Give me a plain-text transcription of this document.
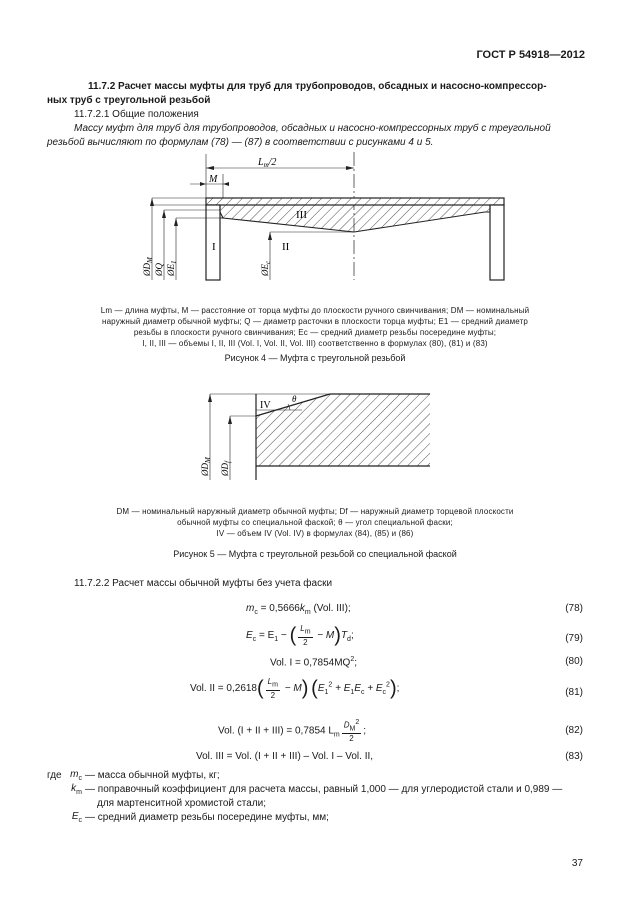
ГОСТ Р 54918—2012
11.7.2 Расчет массы муфты для труб для трубопроводов, обсадных и насосно-компрессор-
ных труб с треугольной резьбой
11.7.2.1 Общие положения
Массу муфт для труб для трубопроводов, обсадных и насосно-компрессорных труб с треугольной
резьбой вычисляют по формулам (78) — (87) в соответствии с рисунками 4 и 5.
$L_m/2$
M
I	II
III
$ØD_M$
ØQ $ØE_1$
$ØE_c$
Lm — длина муфты, M — расстояние от торца муфты до плоскости ручного свинчивания; DM — номинальный
наружный диаметр обычной муфты; Q — диаметр расточки в плоскости торца муфты; E1 — средний диаметр
резьбы в плоскости ручного свинчивания; Ec — средний диаметр резьбы посередине муфты;
I, II, III — объемы I, II, III (Vol. I, Vol. II, Vol. III) соответственно в формулах (80), (81) и (83)
Рисунок 4 — Муфта с треугольной резьбой
IV
θ
$ØD_M$
$ØD_f$
DM — номинальный наружный диаметр обычной муфты; Df — наружный диаметр торцевой плоскости
обычной муфты со специальной фаской; θ — угол специальной фаски;
IV — объем IV (Vol. IV) в формулах (84), (85) и (86)
Рисунок 5 — Муфта с треугольной резьбой со специальной фаской
11.7.2.2 Расчет массы обычной муфты без учета фаски
$m_c = 0,5666k_m$ (Vol. III);	(78)
$E_c = E_1$ − ( $\frac{L_m}{2} - M)T_d$;	(79)
Vol. $I = 0,7854MQ^2$;	(80)
Vol. II = $0,2618( \frac{L_m}{2} - M)$ $(E_1^2 + E_1E_c + E_c^2)$;	(81)
Vol. (I + II + III) = 0,7854 $L_m \frac{D_M^2}{2}$ ;	(82)
Vol. III = Vol. (I + II + III) – Vol. I – Vol. II,	(83)
где $m_c$ — масса обычной муфты, кг;
$k_m$ — поправочный коэффициент для расчета массы, равный 1,000 — для углеродистой стали и 0,989 —
для мартенситной хромистой стали;
$E_c$ — средний диаметр резьбы посередине муфты, мм;
37
